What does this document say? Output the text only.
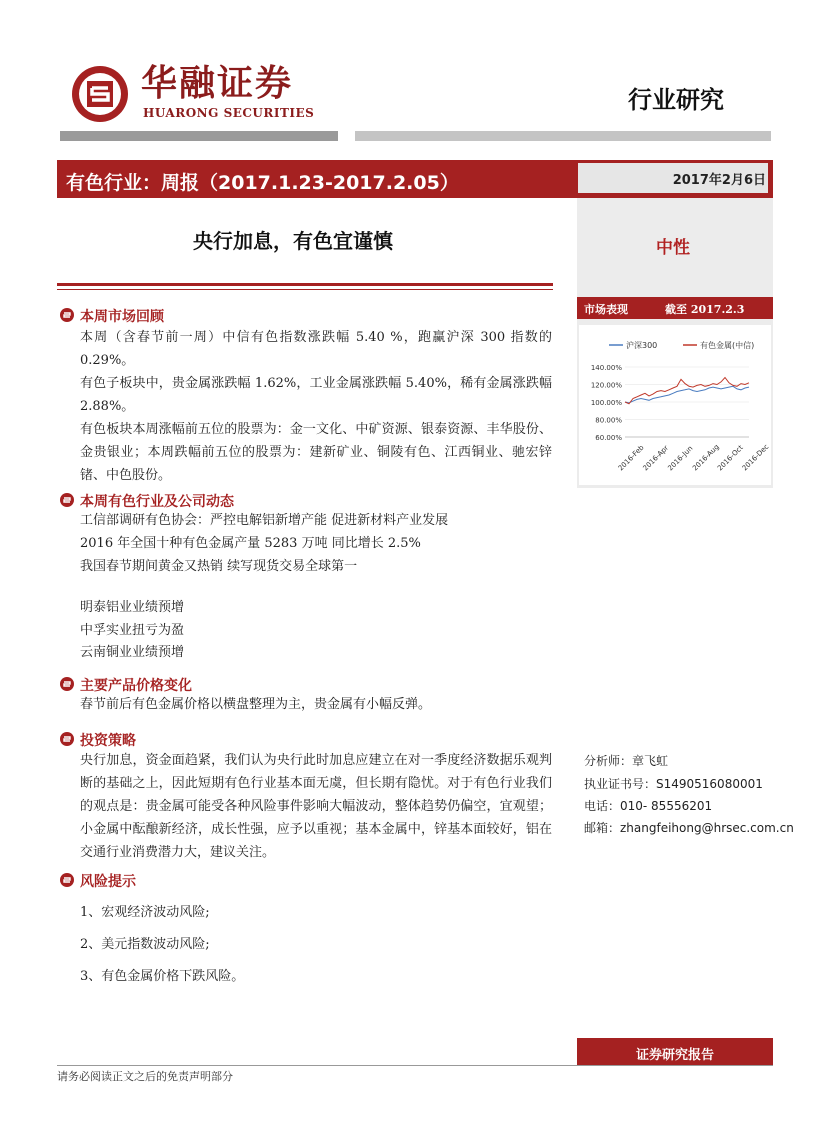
华融证券
HUARONG SECURITIES	行业研究
有色行业：周报（2017.1.23-2017.2.05）	2017年2月6日
中性
市场表现	截至 2017.2.3
沪深300	有色金属(中信)
140.00%
120.00%
100.00%
80.00%
60.00%
2016-Feb
2016-Apr
2016-Jun
2016-Aug
2016-Oct
2016-Dec
央行加息，有色宜谨慎
本周市场回顾
本周（含春节前一周）中信有色指数涨跌幅 5.40 %，跑赢沪深 300 指数的 0.29%。
有色子板块中，贵金属涨跌幅 1.62%，工业金属涨跌幅 5.40%，稀有金属涨跌幅 2.88%。
有色板块本周涨幅前五位的股票为：金一文化、中矿资源、银泰资源、丰华股份、金贵银业；本周跌幅前五位的股票为：建新矿业、铜陵有色、江西铜业、驰宏锌锗、中色股份。
本周有色行业及公司动态
工信部调研有色协会：严控电解铝新增产能 促进新材料产业发展
2016 年全国十种有色金属产量 5283 万吨 同比增长 2.5%
我国春节期间黄金又热销 续写现货交易全球第一
明泰铝业业绩预增
中孚实业扭亏为盈
云南铜业业绩预增
主要产品价格变化
春节前后有色金属价格以横盘整理为主，贵金属有小幅反弹。
投资策略
央行加息，资金面趋紧，我们认为央行此时加息应建立在对一季度经济数据乐观判断的基础之上，因此短期有色行业基本面无虞，但长期有隐忧。对于有色行业我们的观点是：贵金属可能受各种风险事件影响大幅波动，整体趋势仍偏空，宜观望；小金属中酝酿新经济，成长性强，应予以重视；基本金属中，锌基本面较好，铝在交通行业消费潜力大，建议关注。
风险提示
1、宏观经济波动风险;
2、美元指数波动风险;
3、有色金属价格下跌风险。
分析师：章飞虹
执业证书号：S1490516080001
电话：010- 85556201
邮箱：zhangfeihong@hrsec.com.cn
证券研究报告
请务必阅读正文之后的免责声明部分
